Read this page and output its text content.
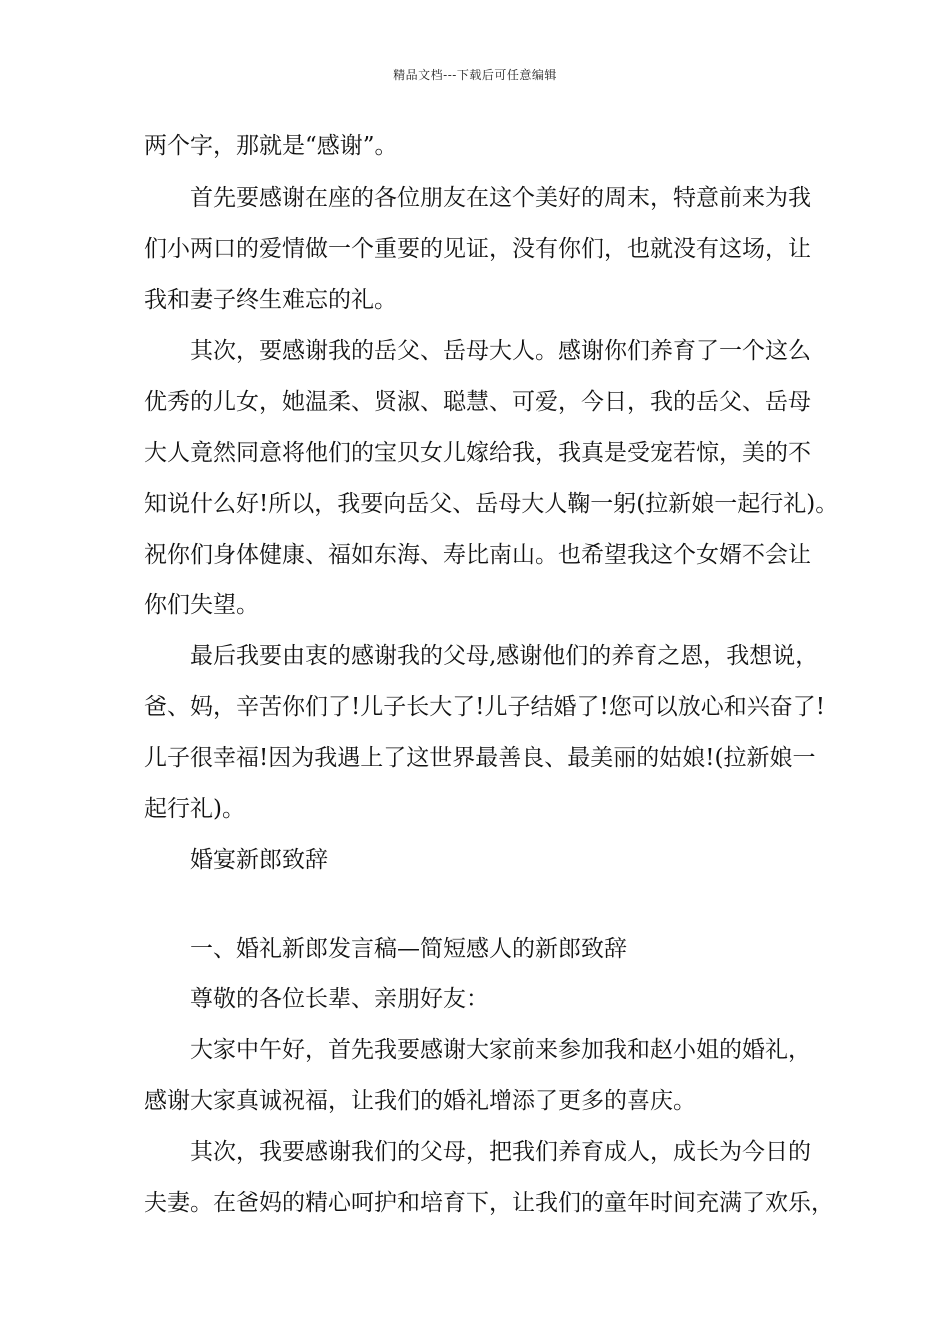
精品文档---下载后可任意编辑
两个字，那就是“感谢”。
首先要感谢在座的各位朋友在这个美好的周末，特意前来为我
们小两口的爱情做一个重要的见证，没有你们，也就没有这场，让
我和妻子终生难忘的礼。
其次，要感谢我的岳父、岳母大人。感谢你们养育了一个这么
优秀的儿女，她温柔、贤淑、聪慧、可爱，今日，我的岳父、岳母
大人竟然同意将他们的宝贝女儿嫁给我，我真是受宠若惊，美的不
知说什么好!所以，我要向岳父、岳母大人鞠一躬(拉新娘一起行礼)。
祝你们身体健康、福如东海、寿比南山。也希望我这个女婿不会让
你们失望。
最后我要由衷的感谢我的父母,感谢他们的养育之恩，我想说，
爸、妈，辛苦你们了!儿子长大了!儿子结婚了!您可以放心和兴奋了!
儿子很幸福!因为我遇上了这世界最善良、最美丽的姑娘!(拉新娘一
起行礼)。
婚宴新郎致辞
一、婚礼新郎发言稿—简短感人的新郎致辞
尊敬的各位长辈、亲朋好友：
大家中午好，首先我要感谢大家前来参加我和赵小姐的婚礼，
感谢大家真诚祝福，让我们的婚礼增添了更多的喜庆。
其次，我要感谢我们的父母，把我们养育成人，成长为今日的
夫妻。在爸妈的精心呵护和培育下，让我们的童年时间充满了欢乐，
